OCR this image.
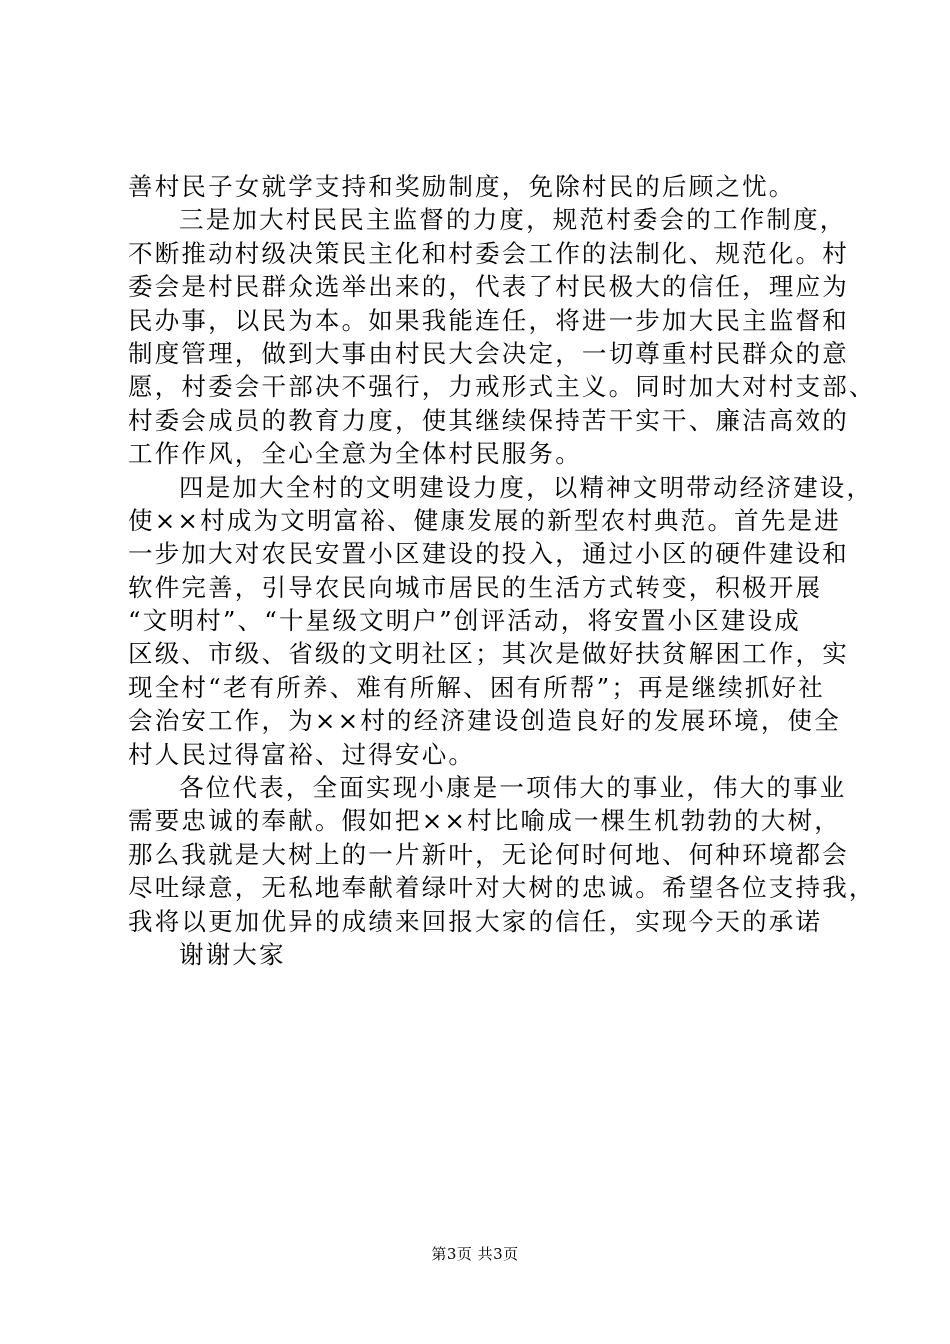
善村民子女就学支持和奖励制度，免除村民的后顾之忧。
三是加大村民民主监督的力度，规范村委会的工作制度，
不断推动村级决策民主化和村委会工作的法制化、规范化。村
委会是村民群众选举出来的，代表了村民极大的信任，理应为
民办事，以民为本。如果我能连任，将进一步加大民主监督和
制度管理，做到大事由村民大会决定，一切尊重村民群众的意
愿，村委会干部决不强行，力戒形式主义。同时加大对村支部、
村委会成员的教育力度，使其继续保持苦干实干、廉洁高效的
工作作风，全心全意为全体村民服务。
四是加大全村的文明建设力度，以精神文明带动经济建设，
使××村成为文明富裕、健康发展的新型农村典范。首先是进
一步加大对农民安置小区建设的投入，通过小区的硬件建设和
软件完善，引导农民向城市居民的生活方式转变，积极开展
“文明村”、“十星级文明户”创评活动，将安置小区建设成
区级、市级、省级的文明社区；其次是做好扶贫解困工作，实
现全村“老有所养、难有所解、困有所帮”；再是继续抓好社
会治安工作，为××村的经济建设创造良好的发展环境，使全
村人民过得富裕、过得安心。
各位代表，全面实现小康是一项伟大的事业，伟大的事业
需要忠诚的奉献。假如把××村比喻成一棵生机勃勃的大树，
那么我就是大树上的一片新叶，无论何时何地、何种环境都会
尽吐绿意，无私地奉献着绿叶对大树的忠诚。希望各位支持我，
我将以更加优异的成绩来回报大家的信任，实现今天的承诺
谢谢大家
第3页 共3页
